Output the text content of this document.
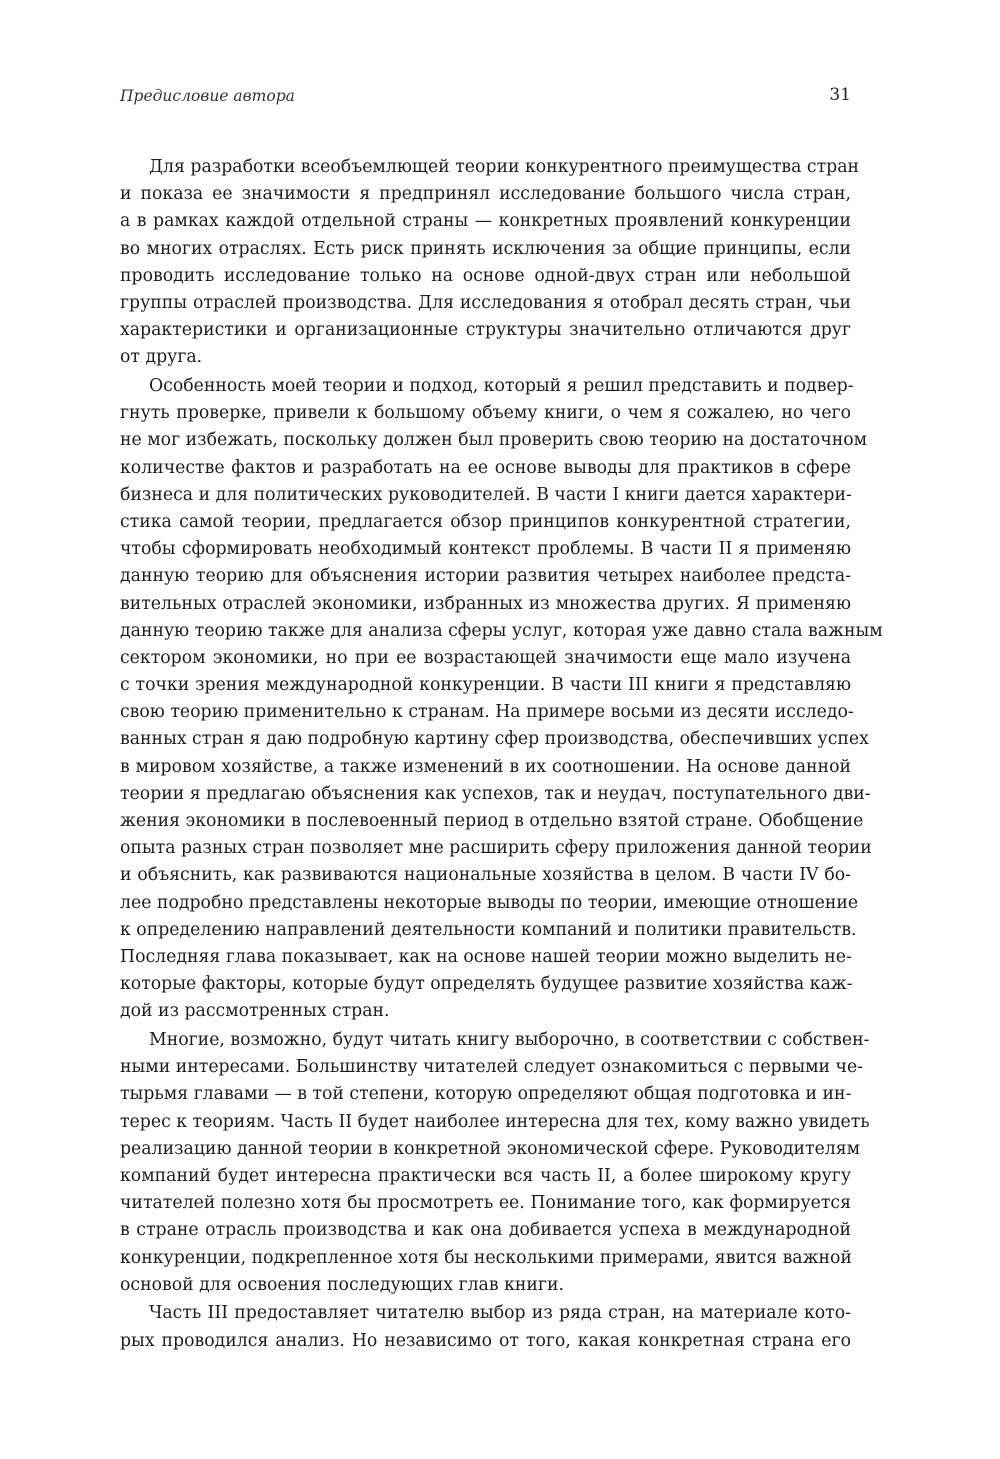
Предисловие автора	31
Для разработки всеобъемлющей теории конкурентного преимущества стран
и показа ее значимости я предпринял исследование большого числа стран,
а в рамках каждой отдельной страны — конкретных проявлений конкуренции
во многих отраслях. Есть риск принять исключения за общие принципы, если
проводить исследование только на основе одной-двух стран или небольшой
группы отраслей производства. Для исследования я отобрал десять стран, чьи
характеристики и организационные структуры значительно отличаются друг
от друга.
Особенность моей теории и подход, который я решил представить и подвер-
гнуть проверке, привели к большому объему книги, о чем я сожалею, но чего
не мог избежать, поскольку должен был проверить свою теорию на достаточном
количестве фактов и разработать на ее основе выводы для практиков в сфере
бизнеса и для политических руководителей. В части I книги дается характери-
стика самой теории, предлагается обзор принципов конкурентной стратегии,
чтобы сформировать необходимый контекст проблемы. В части II я применяю
данную теорию для объяснения истории развития четырех наиболее предста-
вительных отраслей экономики, избранных из множества других. Я применяю
данную теорию также для анализа сферы услуг, которая уже давно стала важным
сектором экономики, но при ее возрастающей значимости еще мало изучена
с точки зрения международной конкуренции. В части III книги я представляю
свою теорию применительно к странам. На примере восьми из десяти исследо-
ванных стран я даю подробную картину сфер производства, обеспечивших успех
в мировом хозяйстве, а также изменений в их соотношении. На основе данной
теории я предлагаю объяснения как успехов, так и неудач, поступательного дви-
жения экономики в послевоенный период в отдельно взятой стране. Обобщение
опыта разных стран позволяет мне расширить сферу приложения данной теории
и объяснить, как развиваются национальные хозяйства в целом. В части IV бо-
лее подробно представлены некоторые выводы по теории, имеющие отношение
к определению направлений деятельности компаний и политики правительств.
Последняя глава показывает, как на основе нашей теории можно выделить не-
которые факторы, которые будут определять будущее развитие хозяйства каж-
дой из рассмотренных стран.
Многие, возможно, будут читать книгу выборочно, в соответствии с собствен-
ными интересами. Большинству читателей следует ознакомиться с первыми че-
тырьмя главами — в той степени, которую определяют общая подготовка и ин-
терес к теориям. Часть II будет наиболее интересна для тех, кому важно увидеть
реализацию данной теории в конкретной экономической сфере. Руководителям
компаний будет интересна практически вся часть II, а более широкому кругу
читателей полезно хотя бы просмотреть ее. Понимание того, как формируется
в стране отрасль производства и как она добивается успеха в международной
конкуренции, подкрепленное хотя бы несколькими примерами, явится важной
основой для освоения последующих глав книги.
Часть III предоставляет читателю выбор из ряда стран, на материале кото-
рых проводился анализ. Но независимо от того, какая конкретная страна его
